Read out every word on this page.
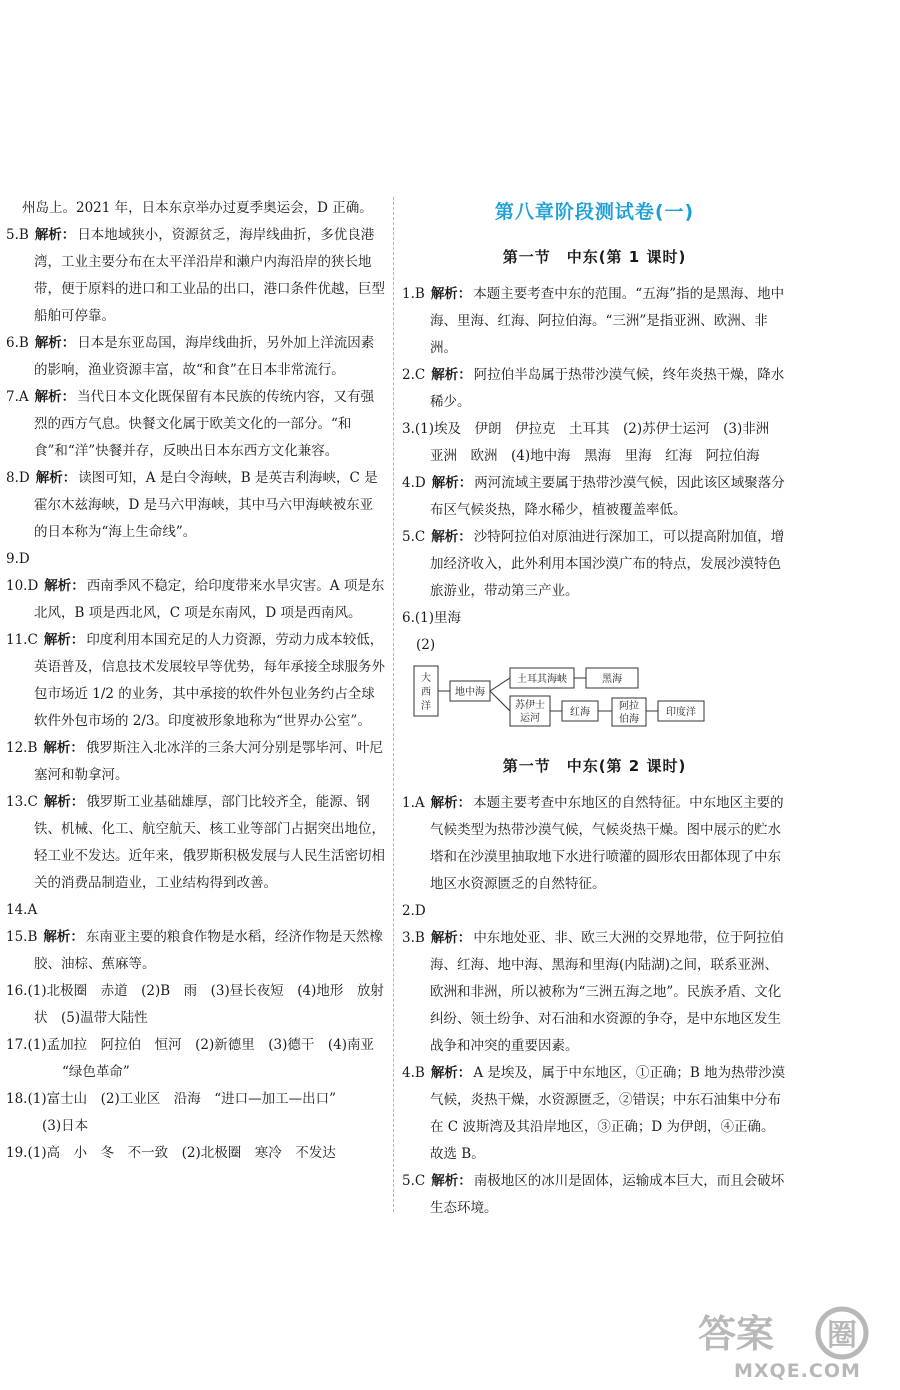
州岛上。2021 年，日本东京举办过夏季奥运会，D 正确。

5.B 解析： 日本地域狭小，资源贫乏，海岸线曲折，多优良港湾，工业主要分布在太平洋沿岸和濑户内海沿岸的狭长地带，便于原料的进口和工业品的出口，港口条件优越，巨型船舶可停靠。

6.B 解析： 日本是东亚岛国，海岸线曲折，另外加上洋流因素的影响，渔业资源丰富，故“和食”在日本非常流行。

7.A 解析： 当代日本文化既保留有本民族的传统内容，又有强烈的西方气息。快餐文化属于欧美文化的一部分。“和食”和“洋”快餐并存，反映出日本东西方文化兼容。

8.D 解析： 读图可知，A 是白令海峡，B 是英吉利海峡，C 是霍尔木兹海峡，D 是马六甲海峡，其中马六甲海峡被东亚的日本称为“海上生命线”。

9.D

10.D 解析： 西南季风不稳定，给印度带来水旱灾害。A 项是东北风，B 项是西北风，C 项是东南风，D 项是西南风。

11.C 解析： 印度利用本国充足的人力资源，劳动力成本较低，英语普及，信息技术发展较早等优势，每年承接全球服务外包市场近 1/2 的业务，其中承接的软件外包业务约占全球软件外包市场的 2/3。印度被形象地称为“世界办公室”。

12.B 解析： 俄罗斯注入北冰洋的三条大河分别是鄂毕河、叶尼塞河和勒拿河。

13.C 解析： 俄罗斯工业基础雄厚，部门比较齐全，能源、钢铁、机械、化工、航空航天、核工业等部门占据突出地位，轻工业不发达。近年来，俄罗斯积极发展与人民生活密切相关的消费品制造业，工业结构得到改善。

14.A

15.B 解析： 东南亚主要的粮食作物是水稻，经济作物是天然橡胶、油棕、蕉麻等。

16.(1)北极圈　赤道　(2)B　雨　(3)昼长夜短　(4)地形　放射状　(5)温带大陆性

17.(1)孟加拉　阿拉伯　恒河　(2)新德里　(3)德干　(4)南亚

“绿色革命”

18.(1)富士山　(2)工业区　沿海　“进口—加工—出口”

(3)日本

19.(1)高　小　冬　不一致　(2)北极圈　寒冷　不发达

第八章阶段测试卷(一)
第一节　中东(第 1 课时)

1.B 解析： 本题主要考查中东的范围。“五海”指的是黑海、地中海、里海、红海、阿拉伯海。“三洲”是指亚洲、欧洲、非洲。

2.C 解析： 阿拉伯半岛属于热带沙漠气候，终年炎热干燥，降水稀少。

3.(1)埃及　伊朗　伊拉克　土耳其　(2)苏伊士运河　(3)非洲　亚洲　欧洲　(4)地中海　黑海　里海　红海　阿拉伯海

4.D 解析： 两河流域主要属于热带沙漠气候，因此该区域聚落分布区气候炎热，降水稀少，植被覆盖率低。

5.C 解析： 沙特阿拉伯对原油进行深加工，可以提高附加值，增加经济收入，此外利用本国沙漠广布的特点，发展沙漠特色旅游业，带动第三产业。

6.(1)里海

(2)

大
西
洋
地中海
土耳其海峡	黑海
苏伊士
运河
红海
阿拉
伯海
印度洋
第一节　中东(第 2 课时)

1.A 解析： 本题主要考查中东地区的自然特征。中东地区主要的气候类型为热带沙漠气候，气候炎热干燥。图中展示的贮水塔和在沙漠里抽取地下水进行喷灌的圆形农田都体现了中东地区水资源匮乏的自然特征。

2.D

3.B 解析： 中东地处亚、非、欧三大洲的交界地带，位于阿拉伯海、红海、地中海、黑海和里海(内陆湖)之间，联系亚洲、欧洲和非洲，所以被称为“三洲五海之地”。民族矛盾、文化纠纷、领土纷争、对石油和水资源的争夺，是中东地区发生战争和冲突的重要因素。

4.B 解析： A 是埃及，属于中东地区，①正确；B 地为热带沙漠气候，炎热干燥，水资源匮乏，②错误；中东石油集中分布在 C 波斯湾及其沿岸地区，③正确；D 为伊朗，④正确。故选 B。

5.C 解析： 南极地区的冰川是固体，运输成本巨大，而且会破坏生态环境。

答案 圈
MXQE.COM
